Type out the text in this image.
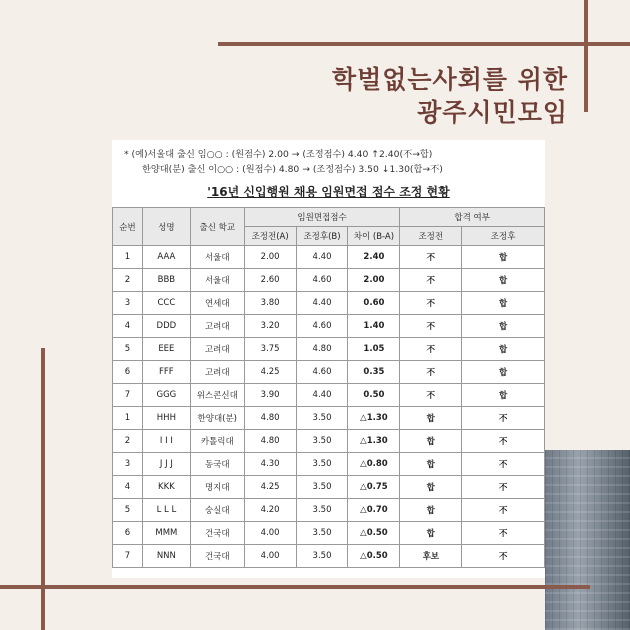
학벌없는사회를 위한
광주시민모임
* (예)서울대 출신 임○○ : (원점수) 2.00 → (조정점수) 4.40 ↑2.40(不→합)
한양대(분) 출신 이○○ : (원점수) 4.80 → (조정점수) 3.50 ↓1.30(합→不)
'16년 신입행원 채용 임원면접 점수 조정 현황
순번	성명	출신 학교	임원면접점수			합격 여부	
			조정전(A)	조정후(B)	차이 (B-A)	조정전	조정후
1	AAA	서울대	2.00	4.40	2.40	不	합
2	BBB	서울대	2.60	4.60	2.00	不	합
3	CCC	연세대	3.80	4.40	0.60	不	합
4	DDD	고려대	3.20	4.60	1.40	不	합
5	EEE	고려대	3.75	4.80	1.05	不	합
6	FFF	고려대	4.25	4.60	0.35	不	합
7	GGG	위스콘신대	3.90	4.40	0.50	不	합
1	HHH	한양대(분)	4.80	3.50	△1.30	합	不
2	I I I	카톨릭대	4.80	3.50	△1.30	합	不
3	J J J	동국대	4.30	3.50	△0.80	합	不
4	KKK	명지대	4.25	3.50	△0.75	합	不
5	L L L	숭실대	4.20	3.50	△0.70	합	不
6	MMM	건국대	4.00	3.50	△0.50	합	不
7	NNN	건국대	4.00	3.50	△0.50	후보	不
